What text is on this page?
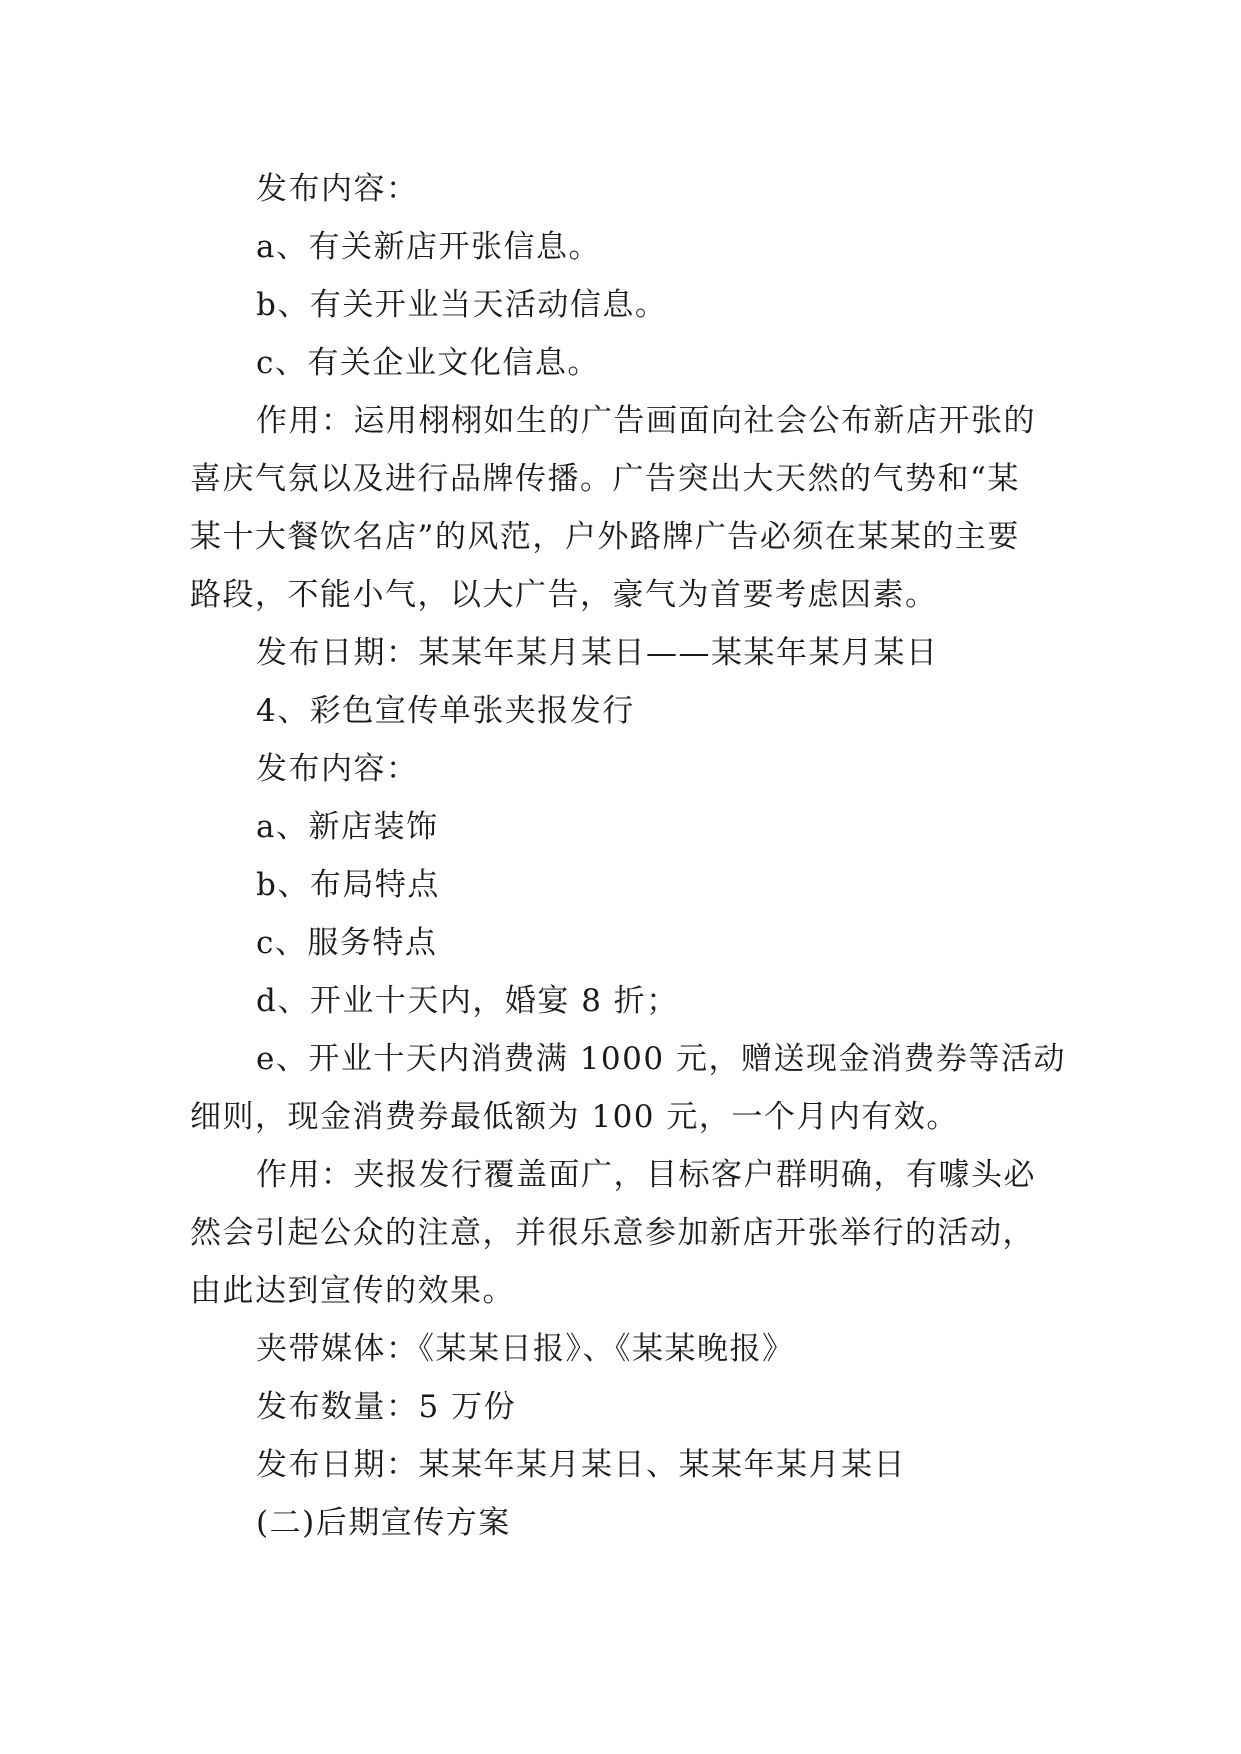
发布内容：

a、有关新店开张信息。

b、有关开业当天活动信息。

c、有关企业文化信息。

作用：运用栩栩如生的广告画面向社会公布新店开张的

喜庆气氛以及进行品牌传播。广告突出大天然的气势和“某

某十大餐饮名店”的风范，户外路牌广告必须在某某的主要

路段，不能小气，以大广告，豪气为首要考虑因素。

发布日期：某某年某月某日——某某年某月某日

4、彩色宣传单张夹报发行

发布内容：

a、新店装饰

b、布局特点

c、服务特点

d、开业十天内，婚宴 8 折；

e、开业十天内消费满 1000 元，赠送现金消费券等活动

细则，现金消费券最低额为 100 元，一个月内有效。

作用：夹报发行覆盖面广，目标客户群明确，有噱头必

然会引起公众的注意，并很乐意参加新店开张举行的活动，

由此达到宣传的效果。

夹带媒体：《某某日报》、《某某晚报》

发布数量：5 万份

发布日期：某某年某月某日、某某年某月某日

(二)后期宣传方案
